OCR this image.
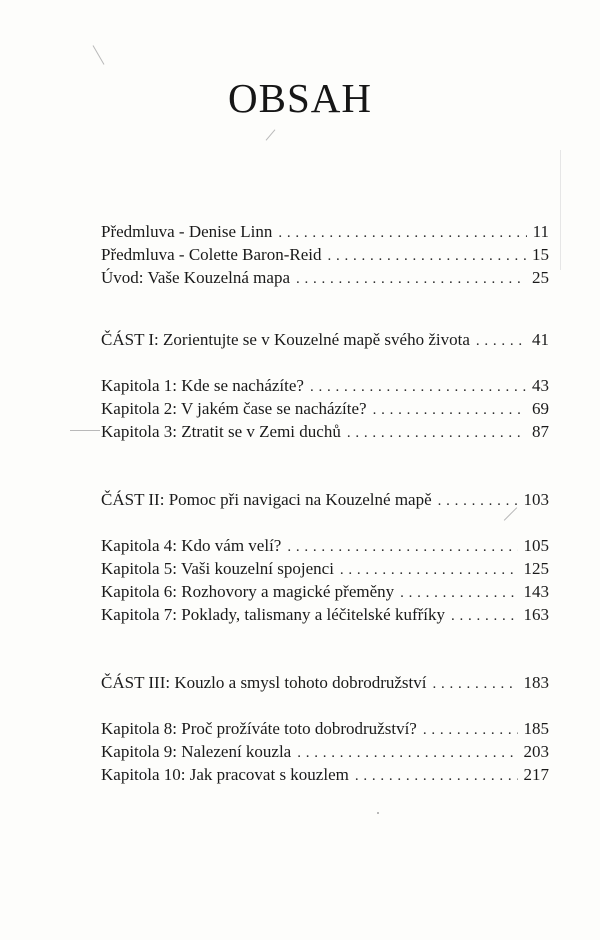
OBSAH
Předmluva - Denise Linn . . .	11
Předmluva - Colette Baron-Reid . . .	15
Úvod: Vaše Kouzelná mapa . . .	25
ČÁST I: Zorientujte se v Kouzelné mapě svého života . . .	41
Kapitola 1: Kde se nacházíte? . . .	43
Kapitola 2: V jakém čase se nacházíte? . . .	69
Kapitola 3: Ztratit se v Zemi duchů . . .	87
ČÁST II: Pomoc při navigaci na Kouzelné mapě . . .	103
Kapitola 4: Kdo vám velí? . . .	105
Kapitola 5: Vaši kouzelní spojenci . . .	125
Kapitola 6: Rozhovory a magické přeměny . . .	143
Kapitola 7: Poklady, talismany a léčitelské kufříky . . .	163
ČÁST III: Kouzlo a smysl tohoto dobrodružství . . .	183
Kapitola 8: Proč prožíváte toto dobrodružství? . . .	185
Kapitola 9: Nalezení kouzla . . .	203
Kapitola 10: Jak pracovat s kouzlem . . .	217
